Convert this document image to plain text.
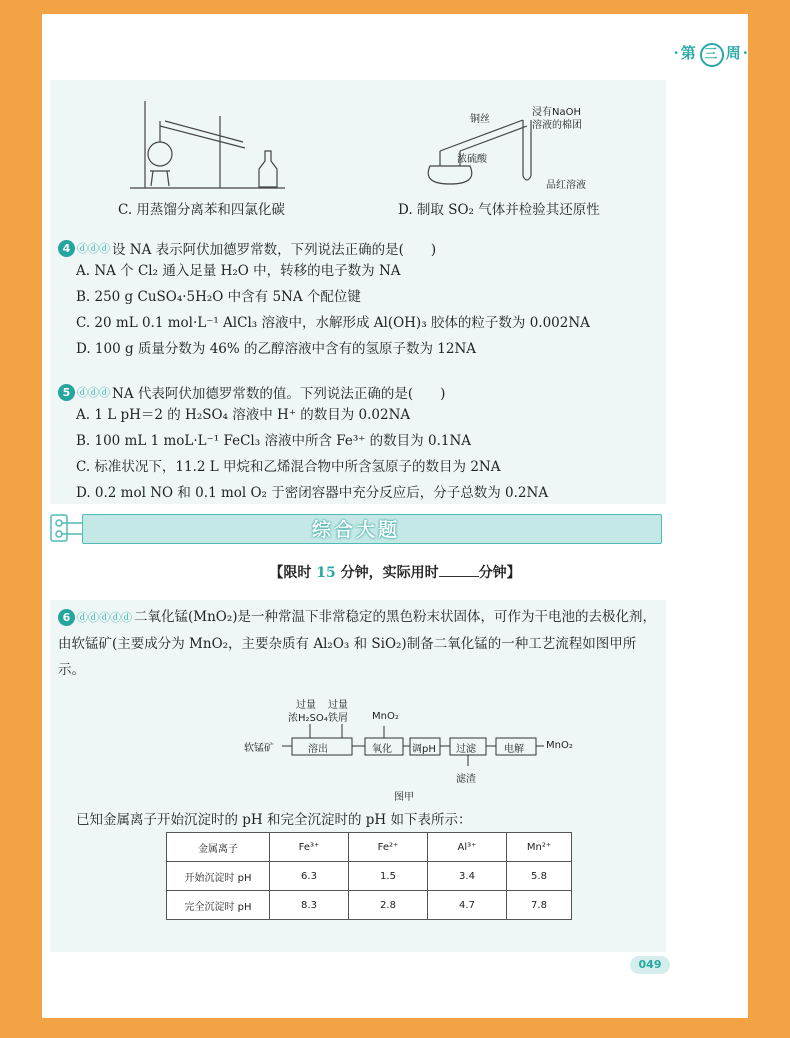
·第 三 周·
C. 用蒸馏分离苯和四氯化碳
铜丝
浸有NaOH
溶液的棉团
浓硫酸
品红溶液
D. 制取 SO₂ 气体并检验其还原性
4 ⓓⓓⓓ 设 NA 表示阿伏加德罗常数，下列说法正确的是(　　)
A. NA 个 Cl₂ 通入足量 H₂O 中，转移的电子数为 NA
B. 250 g CuSO₄·5H₂O 中含有 5NA 个配位键
C. 20 mL 0.1 mol·L⁻¹ AlCl₃ 溶液中，水解形成 Al(OH)₃ 胶体的粒子数为 0.002NA
D. 100 g 质量分数为 46% 的乙醇溶液中含有的氢原子数为 12NA
5 ⓓⓓⓓ NA 代表阿伏加德罗常数的值。下列说法正确的是(　　)
A. 1 L pH＝2 的 H₂SO₄ 溶液中 H⁺ 的数目为 0.02NA
B. 100 mL 1 moL·L⁻¹ FeCl₃ 溶液中所含 Fe³⁺ 的数目为 0.1NA
C. 标准状况下，11.2 L 甲烷和乙烯混合物中所含氢原子的数目为 2NA
D. 0.2 mol NO 和 0.1 mol O₂ 于密闭容器中充分反应后，分子总数为 0.2NA
综合大题
【限时 15 分钟，实际用时	分钟】
6 ⓓⓓⓓⓓⓓ 二氧化锰(MnO₂)是一种常温下非常稳定的黑色粉末状固体，可作为干电池的去极化剂，由软锰矿(主要成分为 MnO₂，主要杂质有 Al₂O₃ 和 SiO₂)制备二氧化锰的一种工艺流程如图甲所示。
软锰矿
过量
浓H₂SO₄
过量
铁屑 MnO₂
溶出	氧化 调pH 过滤	电解 MnO₂
滤渣
图甲
已知金属离子开始沉淀时的 pH 和完全沉淀时的 pH 如下表所示：
金属离子	Fe³⁺	Fe²⁺	Al³⁺	Mn²⁺
开始沉淀时 pH	6.3	1.5	3.4	5.8
完全沉淀时 pH	8.3	2.8	4.7	7.8
049
